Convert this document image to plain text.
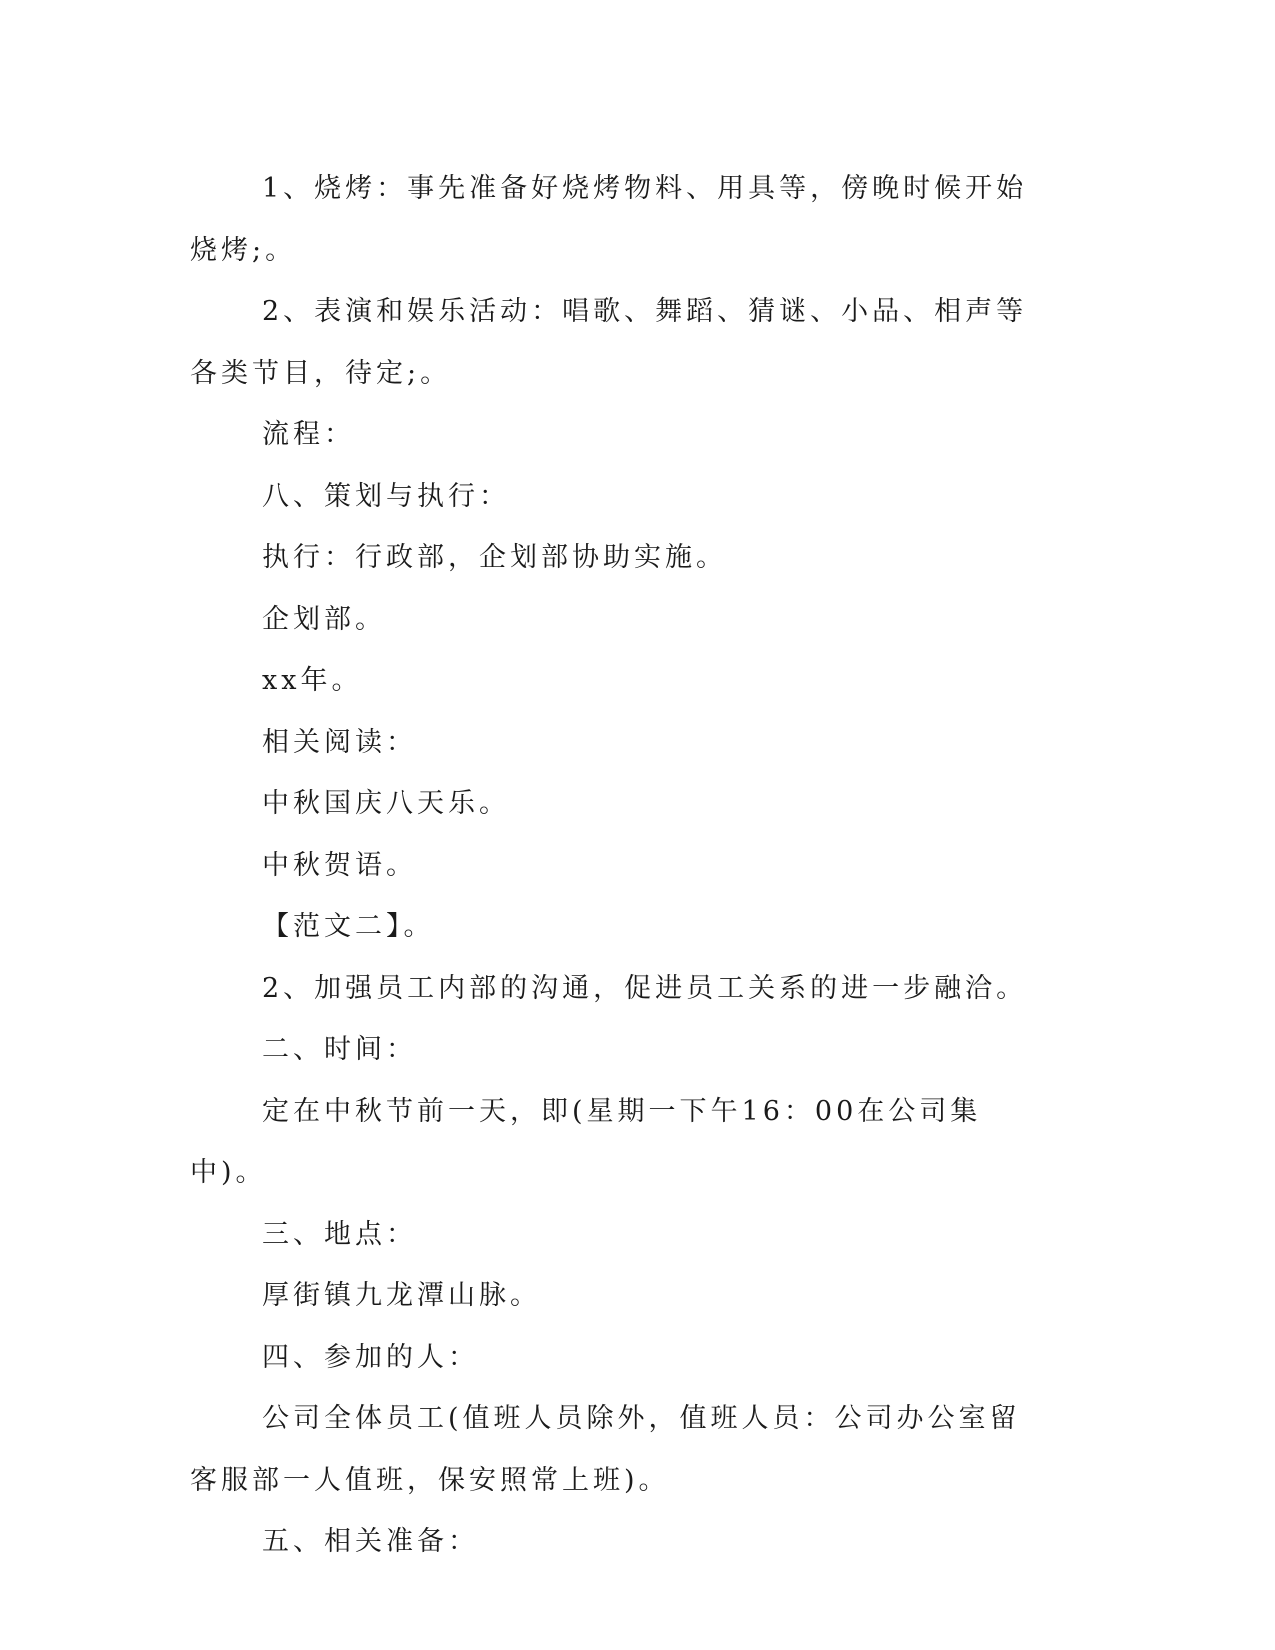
1、烧烤：事先准备好烧烤物料、用具等，傍晚时候开始烧烤;。

2、表演和娱乐活动：唱歌、舞蹈、猜谜、小品、相声等各类节目，待定;。

流程：

八、策划与执行：

执行：行政部，企划部协助实施。

企划部。

xx年。

相关阅读：

中秋国庆八天乐。

中秋贺语。

【范文二】。

2、加强员工内部的沟通，促进员工关系的进一步融洽。

二、时间：

定在中秋节前一天，即(星期一下午16：00在公司集中)。

三、地点：

厚街镇九龙潭山脉。

四、参加的人：

公司全体员工(值班人员除外，值班人员：公司办公室留客服部一人值班，保安照常上班)。

五、相关准备：
